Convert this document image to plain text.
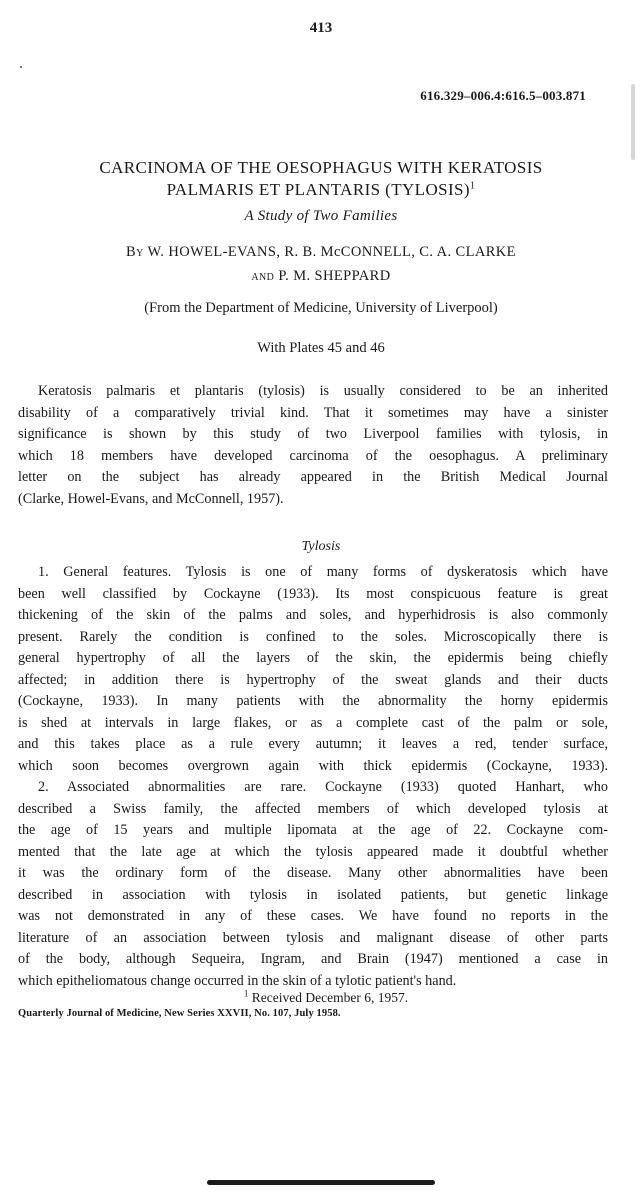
413
616.329–006.4:616.5–003.871
CARCINOMA OF THE OESOPHAGUS WITH KERATOSIS
PALMARIS ET PLANTARIS (TYLOSIS)$^1$
A Study of Two Families
By W. HOWEL-EVANS, R. B. McCONNELL, C. A. CLARKE
and P. M. SHEPPARD
(From the Department of Medicine, University of Liverpool)
With Plates 45 and 46
Keratosis palmaris et plantaris (tylosis) is usually considered to be an inherited
disability of a comparatively trivial kind. That it sometimes may have a sinister
significance is shown by this study of two Liverpool families with tylosis, in
which 18 members have developed carcinoma of the oesophagus. A preliminary
letter on the subject has already appeared in the British Medical Journal
(Clarke, Howel-Evans, and McConnell, 1957).
Tylosis
1. General features. Tylosis is one of many forms of dyskeratosis which have
been well classified by Cockayne (1933). Its most conspicuous feature is great
thickening of the skin of the palms and soles, and hyperhidrosis is also commonly
present. Rarely the condition is confined to the soles. Microscopically there is
general hypertrophy of all the layers of the skin, the epidermis being chiefly
affected; in addition there is hypertrophy of the sweat glands and their ducts
(Cockayne, 1933). In many patients with the abnormality the horny epidermis
is shed at intervals in large flakes, or as a complete cast of the palm or sole,
and this takes place as a rule every autumn; it leaves a red, tender surface,
which soon becomes overgrown again with thick epidermis (Cockayne, 1933).
2. Associated abnormalities are rare. Cockayne (1933) quoted Hanhart, who
described a Swiss family, the affected members of which developed tylosis at
the age of 15 years and multiple lipomata at the age of 22. Cockayne com-
mented that the late age at which the tylosis appeared made it doubtful whether
it was the ordinary form of the disease. Many other abnormalities have been
described in association with tylosis in isolated patients, but genetic linkage
was not demonstrated in any of these cases. We have found no reports in the
literature of an association between tylosis and malignant disease of other parts
of the body, although Sequeira, Ingram, and Brain (1947) mentioned a case in
which epitheliomatous change occurred in the skin of a tylotic patient's hand.
$^1$ Received December 6, 1957.
Quarterly Journal of Medicine, New Series XXVII, No. 107, July 1958.
